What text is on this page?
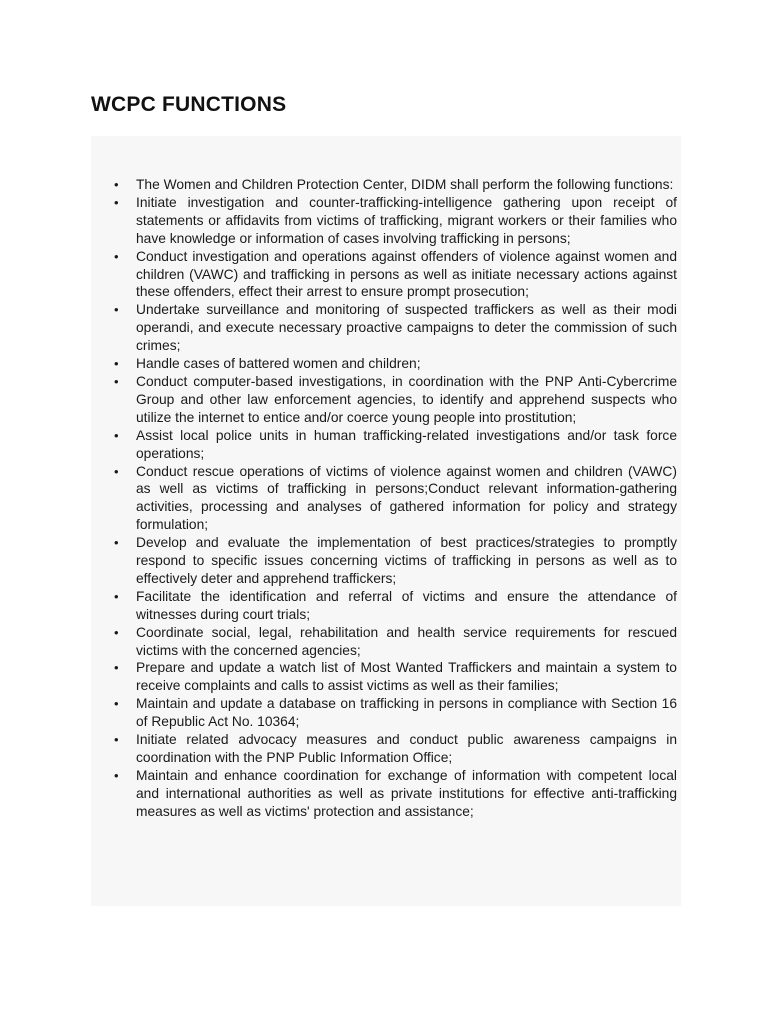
WCPC FUNCTIONS
• The Women and Children Protection Center, DIDM shall perform the following functions:
• Initiate investigation and counter-trafficking-intelligence gathering upon receipt of statements or affidavits from victims of trafficking, migrant workers or their families who have knowledge or information of cases involving trafficking in persons;
• Conduct investigation and operations against offenders of violence against women and children (VAWC) and trafficking in persons as well as initiate necessary actions against these offenders, effect their arrest to ensure prompt prosecution;
• Undertake surveillance and monitoring of suspected traffickers as well as their modi operandi, and execute necessary proactive campaigns to deter the commission of such crimes;
• Handle cases of battered women and children;
• Conduct computer-based investigations, in coordination with the PNP Anti-Cybercrime Group and other law enforcement agencies, to identify and apprehend suspects who utilize the internet to entice and/or coerce young people into prostitution;
• Assist local police units in human trafficking-related investigations and/or task force operations;
• Conduct rescue operations of victims of violence against women and children (VAWC) as well as victims of trafficking in persons;Conduct relevant information-gathering activities, processing and analyses of gathered information for policy and strategy formulation;
• Develop and evaluate the implementation of best practices/strategies to promptly respond to specific issues concerning victims of trafficking in persons as well as to effectively deter and apprehend traffickers;
• Facilitate the identification and referral of victims and ensure the attendance of witnesses during court trials;
• Coordinate social, legal, rehabilitation and health service requirements for rescued victims with the concerned agencies;
• Prepare and update a watch list of Most Wanted Traffickers and maintain a system to receive complaints and calls to assist victims as well as their families;
• Maintain and update a database on trafficking in persons in compliance with Section 16 of Republic Act No. 10364;
• Initiate related advocacy measures and conduct public awareness campaigns in coordination with the PNP Public Information Office;
• Maintain and enhance coordination for exchange of information with competent local and international authorities as well as private institutions for effective anti-trafficking measures as well as victims' protection and assistance;
